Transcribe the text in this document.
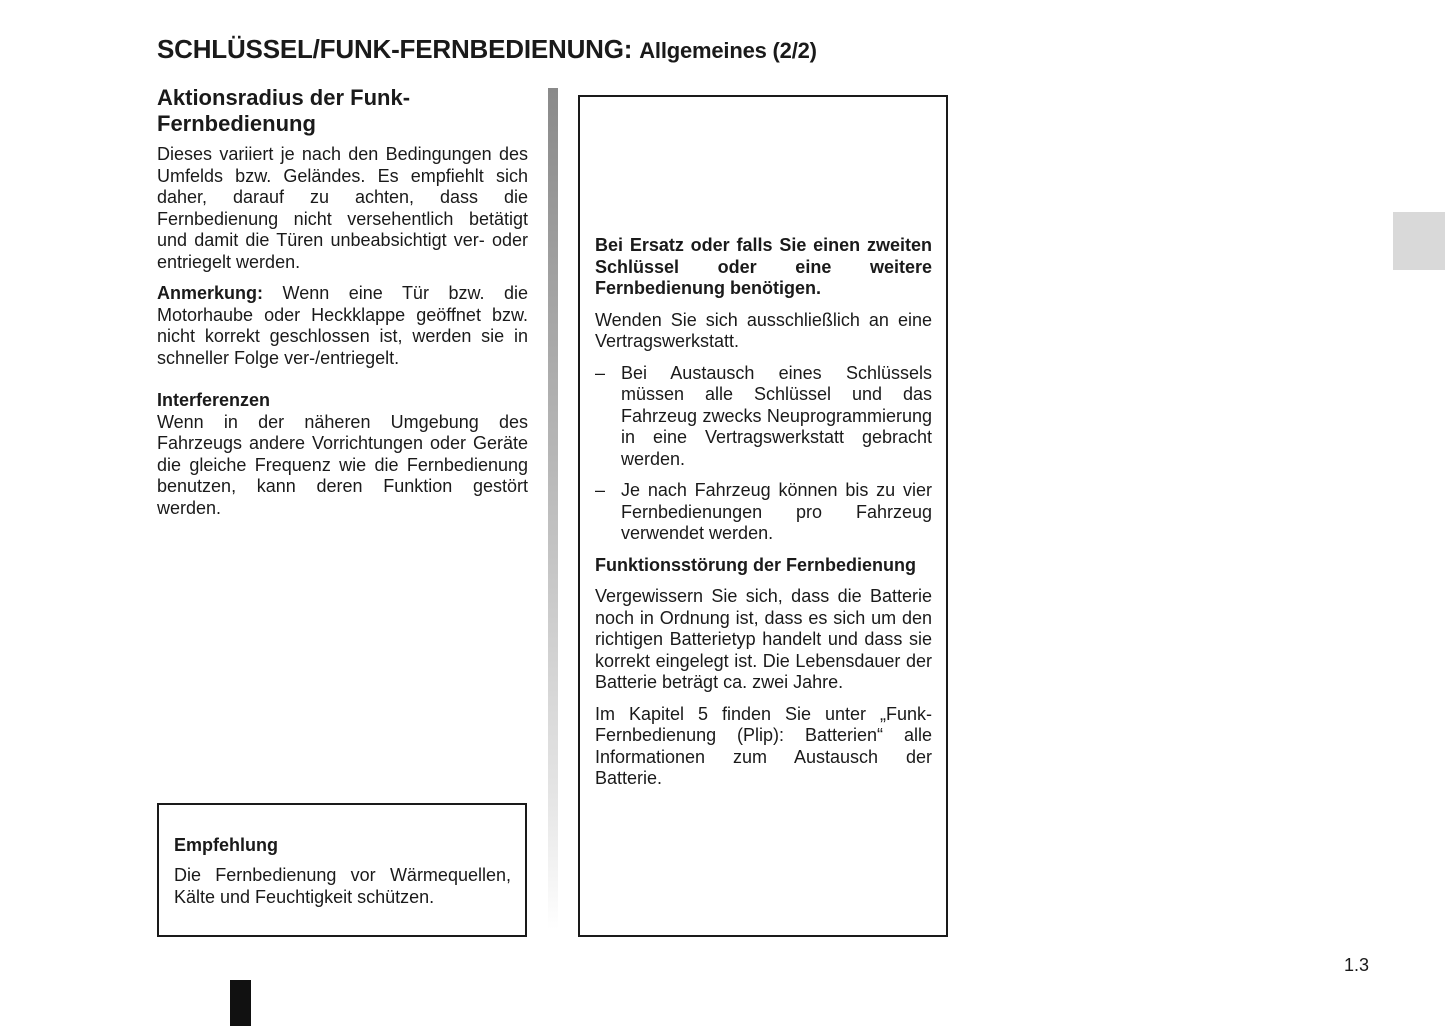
SCHLÜSSEL/FUNK-FERNBEDIENUNG: Allgemeines (2/2)
Aktionsradius der Funk-Fernbedienung

Dieses variiert je nach den Bedingungen des Umfelds bzw. Geländes. Es empfiehlt sich daher, darauf zu achten, dass die Fernbedienung nicht versehentlich betätigt und damit die Türen unbeabsichtigt ver- oder entriegelt werden.

Anmerkung: Wenn eine Tür bzw. die Motorhaube oder Heckklappe geöffnet bzw. nicht korrekt geschlossen ist, werden sie in schneller Folge ver-/entriegelt.

Interferenzen

Wenn in der näheren Umgebung des Fahrzeugs andere Vorrichtungen oder Geräte die gleiche Frequenz wie die Fernbedienung benutzen, kann deren Funktion gestört werden.

Empfehlung

Die Fernbedienung vor Wärmequellen, Kälte und Feuchtigkeit schützen.

Bei Ersatz oder falls Sie einen zweiten Schlüssel oder eine weitere Fernbedienung benötigen.

Wenden Sie sich ausschließlich an eine Vertragswerkstatt.

– Bei Austausch eines Schlüssels müssen alle Schlüssel und das Fahrzeug zwecks Neuprogrammierung in eine Vertragswerkstatt gebracht werden.
– Je nach Fahrzeug können bis zu vier Fernbedienungen pro Fahrzeug verwendet werden.

Funktionsstörung der Fernbedienung

Vergewissern Sie sich, dass die Batterie noch in Ordnung ist, dass es sich um den richtigen Batterietyp handelt und dass sie korrekt eingelegt ist. Die Lebensdauer der Batterie beträgt ca. zwei Jahre.

Im Kapitel 5 finden Sie unter „Funk-Fernbedienung (Plip): Batterien“ alle Informationen zum Austausch der Batterie.

1.3
